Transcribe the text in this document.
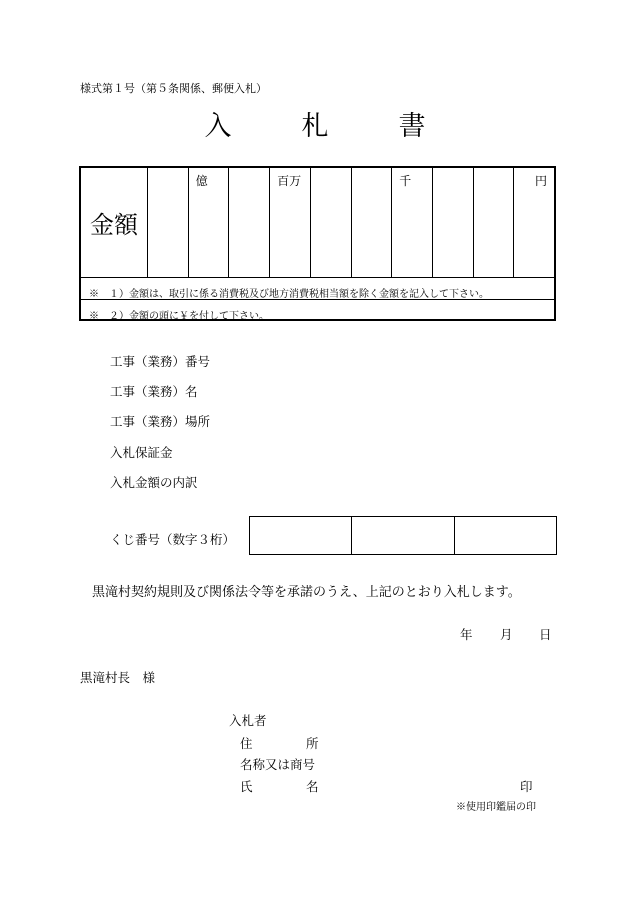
様式第１号（第５条関係、郵便入札）
入	札	書
金額
億	百万	千	円
※　１）金額は、取引に係る消費税及び地方消費税相当額を除く金額を記入して下さい。
※　２）金額の頭に￥を付して下さい。
工事（業務）番号
工事（業務）名
工事（業務）場所
入札保証金
入札金額の内訳
くじ番号（数字３桁）
黒滝村契約規則及び関係法令等を承諾のうえ、上記のとおり入札します。
年 月 日
黒滝村長　様
入札者
住	所
名称又は商号
氏	名	印
※使用印鑑届の印
